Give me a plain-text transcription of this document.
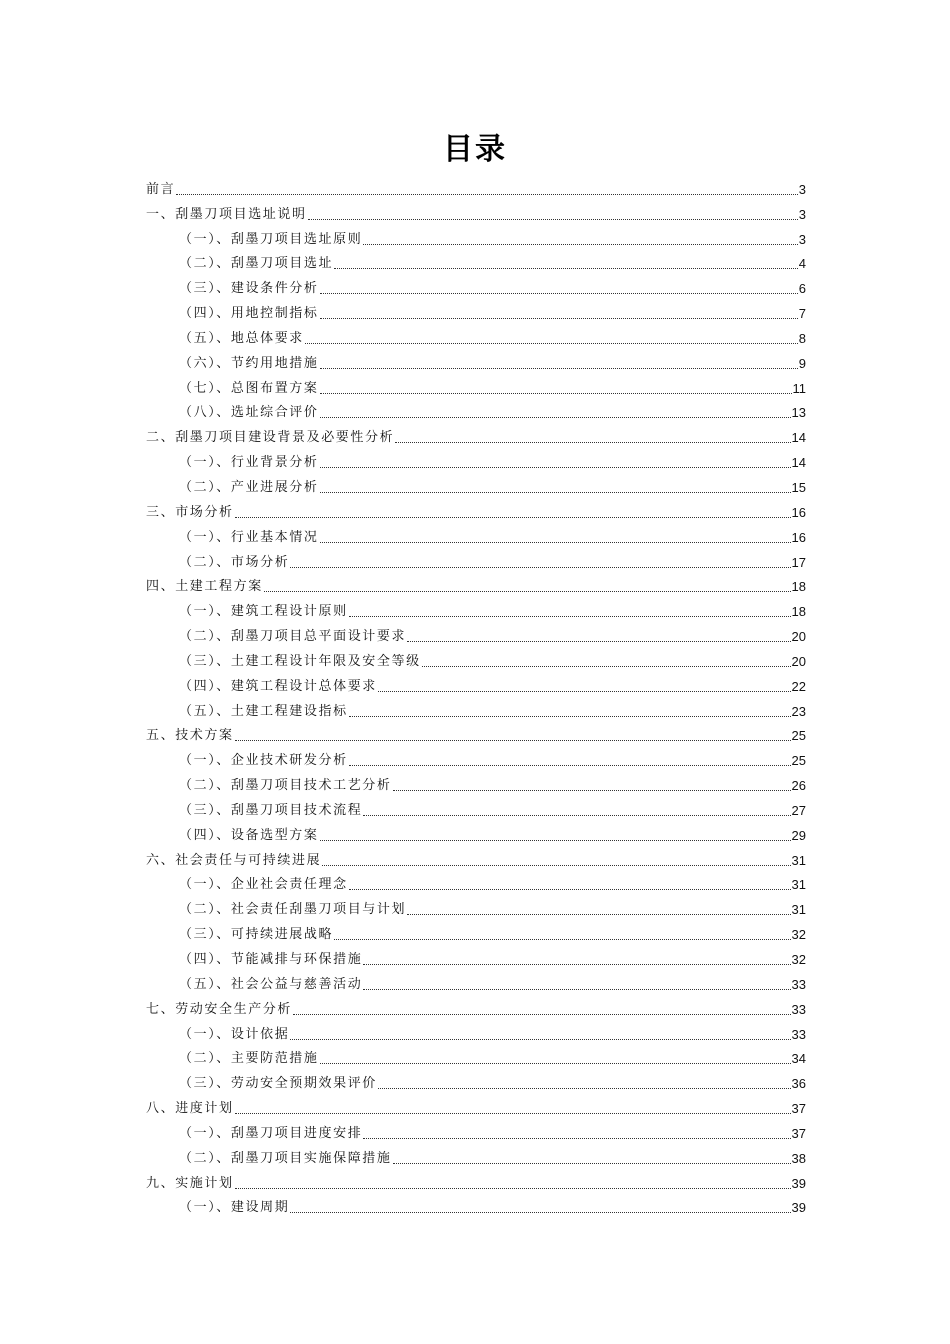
目录
前言	3
一、刮墨刀项目选址说明	3
（一）、刮墨刀项目选址原则	3
（二）、刮墨刀项目选址	4
（三）、建设条件分析	6
（四）、用地控制指标	7
（五）、地总体要求	8
（六）、节约用地措施	9
（七）、总图布置方案	11
（八）、选址综合评价	13
二、刮墨刀项目建设背景及必要性分析	14
（一）、行业背景分析	14
（二）、产业进展分析	15
三、市场分析	16
（一）、行业基本情况	16
（二）、市场分析	17
四、土建工程方案	18
（一）、建筑工程设计原则	18
（二）、刮墨刀项目总平面设计要求	20
（三）、土建工程设计年限及安全等级	20
（四）、建筑工程设计总体要求	22
（五）、土建工程建设指标	23
五、技术方案	25
（一）、企业技术研发分析	25
（二）、刮墨刀项目技术工艺分析	26
（三）、刮墨刀项目技术流程	27
（四）、设备选型方案	29
六、社会责任与可持续进展	31
（一）、企业社会责任理念	31
（二）、社会责任刮墨刀项目与计划	31
（三）、可持续进展战略	32
（四）、节能减排与环保措施	32
（五）、社会公益与慈善活动	33
七、劳动安全生产分析	33
（一）、设计依据	33
（二）、主要防范措施	34
（三）、劳动安全预期效果评价	36
八、进度计划	37
（一）、刮墨刀项目进度安排	37
（二）、刮墨刀项目实施保障措施	38
九、实施计划	39
（一）、建设周期	39
